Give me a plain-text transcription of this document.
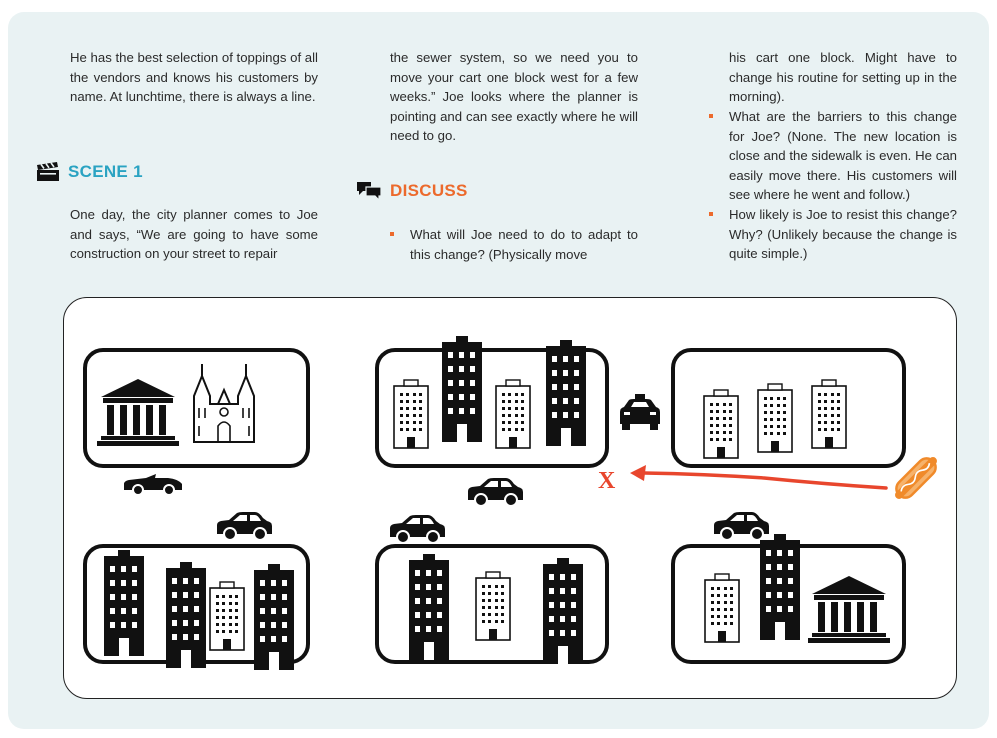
He has the best selection of toppings of all the vendors and knows his customers by name. At lunchtime, there is always a line.
SCENE 1
One day, the city planner comes to Joe and says, “We are going to have some construction on your street to repair
the sewer system, so we need you to move your cart one block west for a few weeks.” Joe looks where the planner is pointing and can see exactly where he will need to go.
DISCUSS
What will Joe need to do to adapt to this change? (Physically move
his cart one block. Might have to change his routine for setting up in the morning).
What are the barriers to this change for Joe? (None. The new location is close and the sidewalk is even. He can easily move there. His customers will see where he went and follow.)
How likely is Joe to resist this change? Why? (Unlikely because the change is quite simple.)
X
